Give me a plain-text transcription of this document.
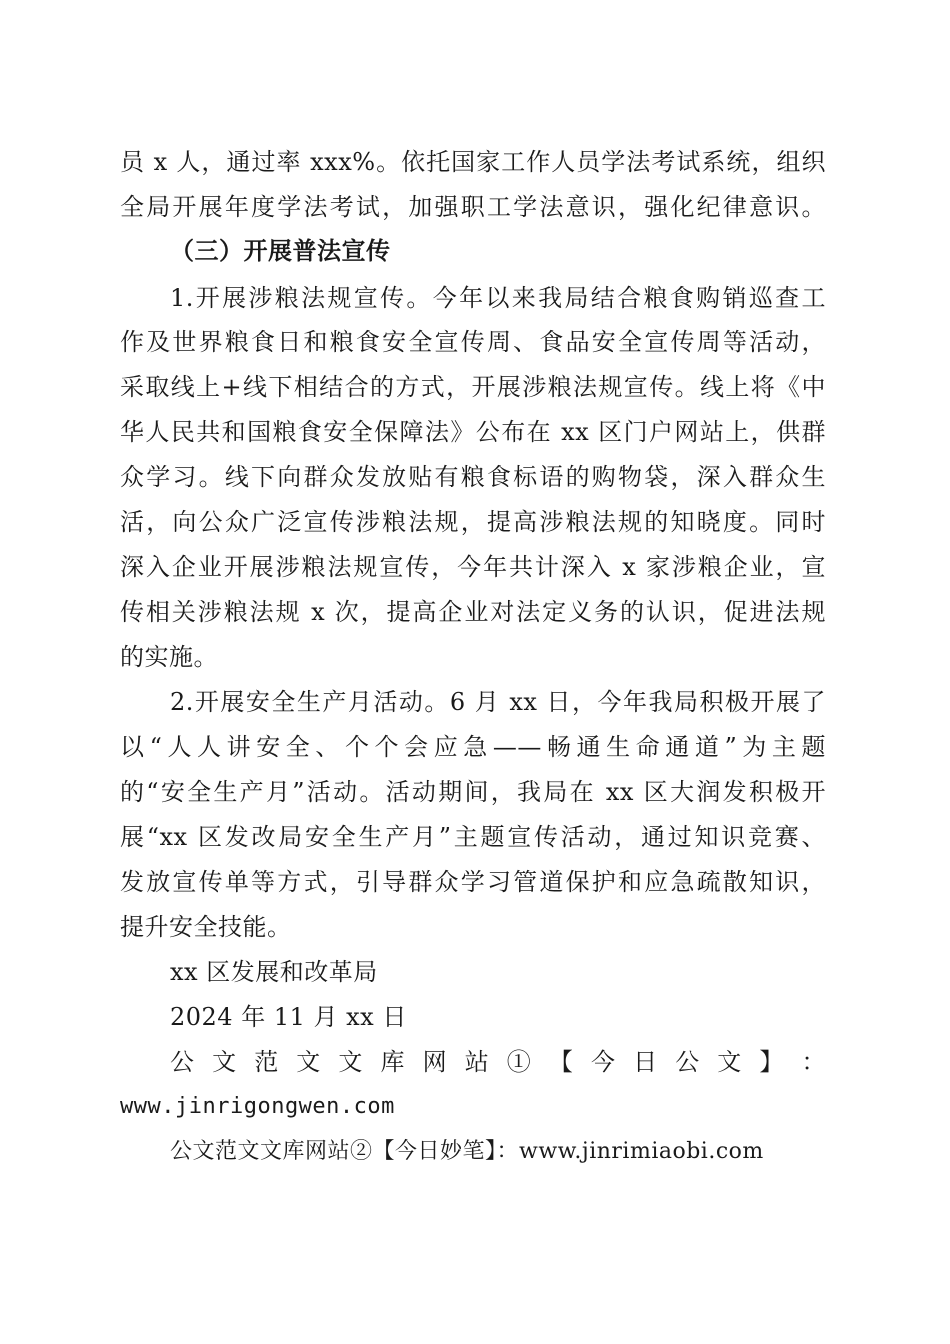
员 x 人，通过率 xxx%。依托国家工作人员学法考试系统，组织
全局开展年度学法考试，加强职工学法意识，强化纪律意识。
（三）开展普法宣传
1.开展涉粮法规宣传。今年以来我局结合粮食购销巡查工
作及世界粮食日和粮食安全宣传周、食品安全宣传周等活动，
采取线上+线下相结合的方式，开展涉粮法规宣传。线上将《中
华人民共和国粮食安全保障法》公布在 xx 区门户网站上，供群
众学习。线下向群众发放贴有粮食标语的购物袋，深入群众生
活，向公众广泛宣传涉粮法规，提高涉粮法规的知晓度。同时
深入企业开展涉粮法规宣传，今年共计深入 x 家涉粮企业，宣
传相关涉粮法规 x 次，提高企业对法定义务的认识，促进法规
的实施。
2.开展安全生产月活动。6 月 xx 日，今年我局积极开展了
以“人人讲安全、个个会应急——畅通生命通道”为主题
的“安全生产月”活动。活动期间，我局在 xx 区大润发积极开
展“xx 区发改局安全生产月”主题宣传活动，通过知识竞赛、
发放宣传单等方式，引导群众学习管道保护和应急疏散知识，
提升安全技能。
xx 区发展和改革局
2024 年 11 月 xx 日
公 文 范 文 文 库 网 站 ① 【 今 日 公 文 】 ：
www.jinrigongwen.com
公文范文文库网站②【今日妙笔】：www.jinrimiaobi.com
